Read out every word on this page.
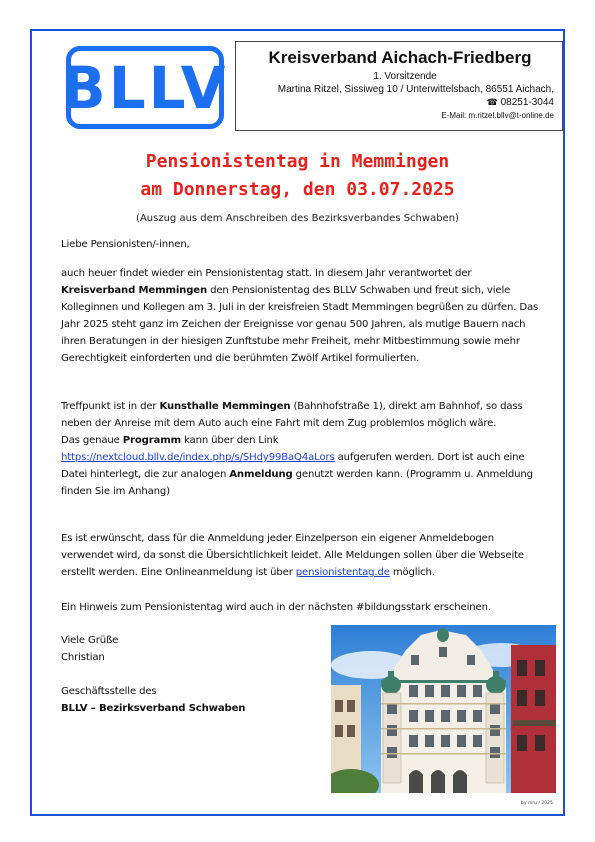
BLLV	Kreisverband Aichach-Friedberg
1. Vorsitzende
Martina Ritzel, Sissiweg 10 / Unterwittelsbach, 86551 Aichach,
☎ 08251-3044
E-Mail: m.ritzel.bllv@t-online.de
Pensionistentag in Memmingen
am Donnerstag, den 03.07.2025
(Auszug aus dem Anschreiben des Bezirksverbandes Schwaben)
Liebe Pensionisten/-innen,
auch heuer findet wieder ein Pensionistentag statt. In diesem Jahr verantwortet der Kreisverband Memmingen den Pensionistentag des BLLV Schwaben und freut sich, viele Kolleginnen und Kollegen am 3. Juli in der kreisfreien Stadt Memmingen begrüßen zu dürfen. Das Jahr 2025 steht ganz im Zeichen der Ereignisse vor genau 500 Jahren, als mutige Bauern nach ihren Beratungen in der hiesigen Zunftstube mehr Freiheit, mehr Mitbestimmung sowie mehr Gerechtigkeit einforderten und die berühmten Zwölf Artikel formulierten.
Treffpunkt ist in der Kunsthalle Memmingen (Bahnhofstraße 1), direkt am Bahnhof, so dass neben der Anreise mit dem Auto auch eine Fahrt mit dem Zug problemlos möglich wäre.
Das genaue Programm kann über den Link https://nextcloud.bllv.de/index.php/s/SHdy99BaQ4aLors aufgerufen werden. Dort ist auch eine Datei hinterlegt, die zur analogen Anmeldung genutzt werden kann. (Programm u. Anmeldung finden Sie im Anhang)
Es ist erwünscht, dass für die Anmeldung jeder Einzelperson ein eigener Anmeldebogen verwendet wird, da sonst die Übersichtlichkeit leidet. Alle Meldungen sollen über die Webseite erstellt werden. Eine Onlineanmeldung ist über pensionistentag.de möglich.
Ein Hinweis zum Pensionistentag wird auch in der nächsten #bildungsstark erscheinen.
Viele Grüße
Christian
Geschäftsstelle des
BLLV – Bezirksverband Schwaben
by mru / 2025
